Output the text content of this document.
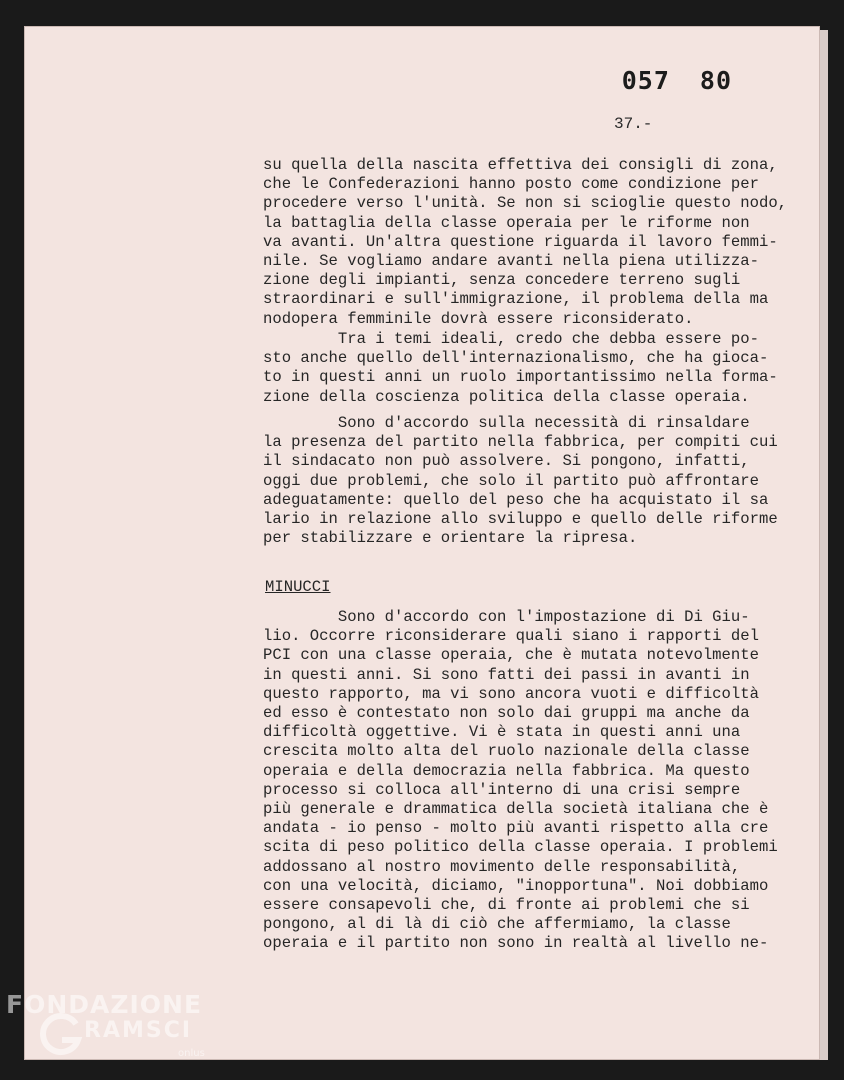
057 80
37.-
su quella della nascita effettiva dei consigli di zona,
che le Confederazioni hanno posto come condizione per
procedere verso l'unità. Se non si scioglie questo nodo,
la battaglia della classe operaia per le riforme non
va avanti. Un'altra questione riguarda il lavoro femmi-
nile. Se vogliamo andare avanti nella piena utilizza-
zione degli impianti, senza concedere terreno sugli
straordinari e sull'immigrazione, il problema della ma
nodopera femminile dovrà essere riconsiderato.
Tra i temi ideali, credo che debba essere po-
sto anche quello dell'internazionalismo, che ha gioca-
to in questi anni un ruolo importantissimo nella forma-
zione della coscienza politica della classe operaia.
Sono d'accordo sulla necessità di rinsaldare
la presenza del partito nella fabbrica, per compiti cui
il sindacato non può assolvere. Si pongono, infatti,
oggi due problemi, che solo il partito può affrontare
adeguatamente: quello del peso che ha acquistato il sa
lario in relazione allo sviluppo e quello delle riforme
per stabilizzare e orientare la ripresa.
MINUCCI
Sono d'accordo con l'impostazione di Di Giu-
lio. Occorre riconsiderare quali siano i rapporti del
PCI con una classe operaia, che è mutata notevolmente
in questi anni. Si sono fatti dei passi in avanti in
questo rapporto, ma vi sono ancora vuoti e difficoltà
ed esso è contestato non solo dai gruppi ma anche da
difficoltà oggettive. Vi è stata in questi anni una
crescita molto alta del ruolo nazionale della classe
operaia e della democrazia nella fabbrica. Ma questo
processo si colloca all'interno di una crisi sempre
più generale e drammatica della società italiana che è
andata - io penso - molto più avanti rispetto alla cre
scita di peso politico della classe operaia. I problemi
addossano al nostro movimento delle responsabilità,
con una velocità, diciamo, "inopportuna". Noi dobbiamo
essere consapevoli che, di fronte ai problemi che si
pongono, al di là di ciò che affermiamo, la classe
operaia e il partito non sono in realtà al livello ne-
FONDAZIONE
RAMSCI
onlus
